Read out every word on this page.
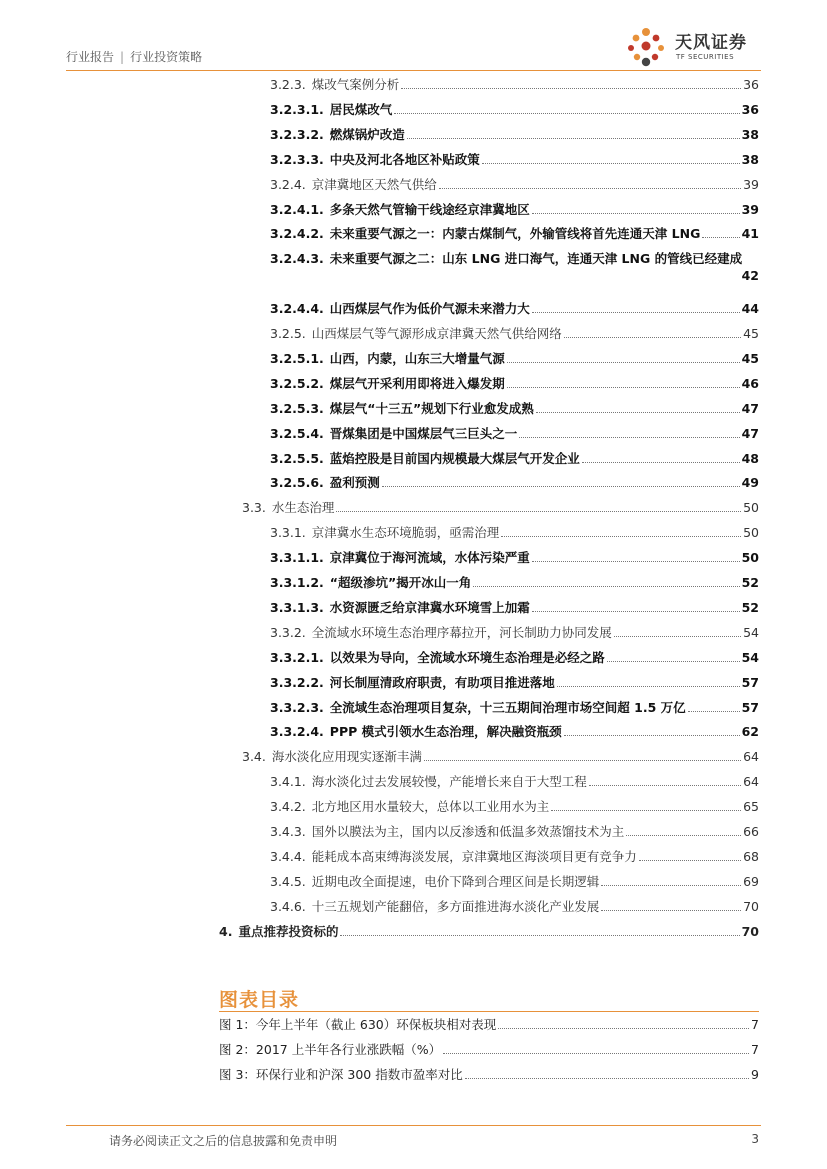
行业报告 | 行业投资策略
天风证券
TF SECURITIES
3.2.3. 煤改气案例分析	36
3.2.3.1. 居民煤改气	36
3.2.3.2. 燃煤锅炉改造	38
3.2.3.3. 中央及河北各地区补贴政策	38
3.2.4. 京津冀地区天然气供给	39
3.2.4.1. 多条天然气管输干线途经京津冀地区	39
3.2.4.2. 未来重要气源之一：内蒙古煤制气，外输管线将首先连通天津 LNG	41
3.2.4.3. 未来重要气源之二：山东 LNG 进口海气，连通天津 LNG 的管线已经建成
42
3.2.4.4. 山西煤层气作为低价气源未来潜力大	44
3.2.5. 山西煤层气等气源形成京津冀天然气供给网络	45
3.2.5.1. 山西，内蒙，山东三大增量气源	45
3.2.5.2. 煤层气开采利用即将进入爆发期	46
3.2.5.3. 煤层气“十三五”规划下行业愈发成熟	47
3.2.5.4. 晋煤集团是中国煤层气三巨头之一	47
3.2.5.5. 蓝焰控股是目前国内规模最大煤层气开发企业	48
3.2.5.6. 盈利预测	49
3.3. 水生态治理	50
3.3.1. 京津冀水生态环境脆弱，亟需治理	50
3.3.1.1. 京津冀位于海河流域，水体污染严重	50
3.3.1.2. “超级渗坑”揭开冰山一角	52
3.3.1.3. 水资源匮乏给京津冀水环境雪上加霜	52
3.3.2. 全流域水环境生态治理序幕拉开，河长制助力协同发展	54
3.3.2.1. 以效果为导向，全流域水环境生态治理是必经之路	54
3.3.2.2. 河长制厘清政府职责，有助项目推进落地	57
3.3.2.3. 全流域生态治理项目复杂，十三五期间治理市场空间超 1.5 万亿	57
3.3.2.4. PPP 模式引领水生态治理，解决融资瓶颈	62
3.4. 海水淡化应用现实逐渐丰满	64
3.4.1. 海水淡化过去发展较慢，产能增长来自于大型工程	64
3.4.2. 北方地区用水量较大，总体以工业用水为主	65
3.4.3. 国外以膜法为主，国内以反渗透和低温多效蒸馏技术为主	66
3.4.4. 能耗成本高束缚海淡发展，京津冀地区海淡项目更有竞争力	68
3.4.5. 近期电改全面提速，电价下降到合理区间是长期逻辑	69
3.4.6. 十三五规划产能翻倍，多方面推进海水淡化产业发展	70
4. 重点推荐投资标的	70
图表目录
图 1：今年上半年（截止 630）环保板块相对表现	7
图 2：2017 上半年各行业涨跌幅（%）	7
图 3：环保行业和沪深 300 指数市盈率对比	9
请务必阅读正文之后的信息披露和免责申明	3
